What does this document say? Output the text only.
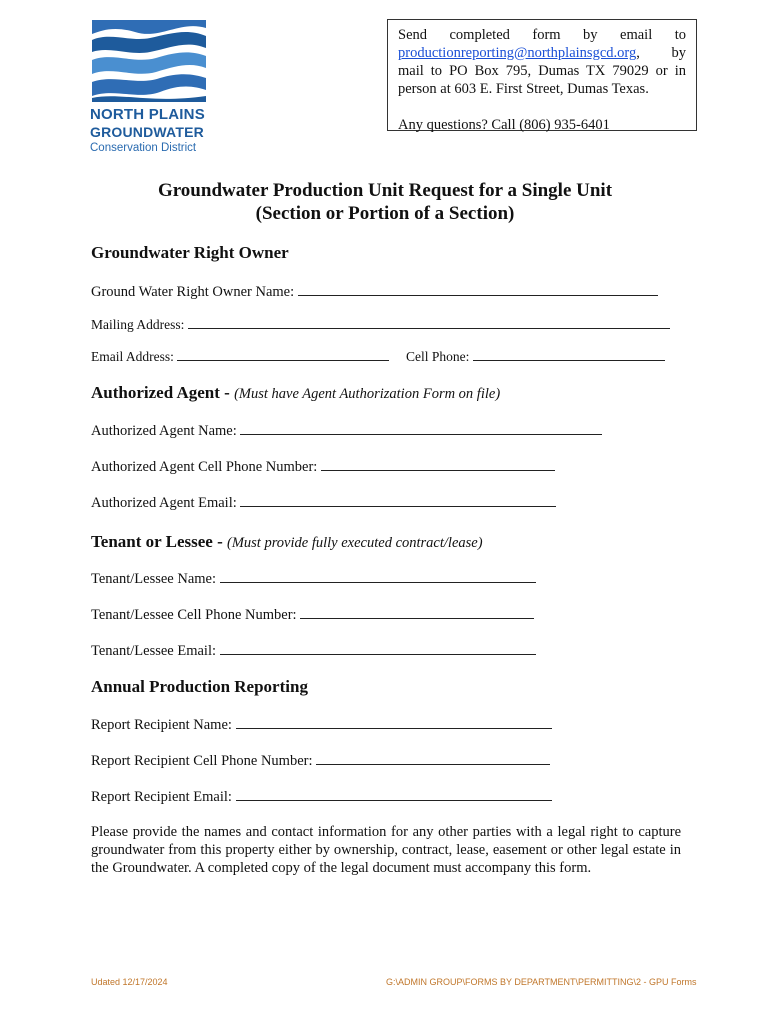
NORTH PLAINS
GROUNDWATER
Conservation District

Send completed form by email to productionreporting@northplainsgcd.org, by mail to PO Box 795, Dumas TX 79029 or in person at 603 E. First Street, Dumas Texas.

Any questions? Call (806) 935-6401

Groundwater Production Unit Request for a Single Unit
(Section or Portion of a Section)
Groundwater Right Owner
Ground Water Right Owner Name:
Mailing Address:
Email Address:	Cell Phone:
Authorized Agent - (Must have Agent Authorization Form on file)
Authorized Agent Name:
Authorized Agent Cell Phone Number:
Authorized Agent Email:
Tenant or Lessee - (Must provide fully executed contract/lease)
Tenant/Lessee Name:
Tenant/Lessee Cell Phone Number:
Tenant/Lessee Email:
Annual Production Reporting
Report Recipient Name:
Report Recipient Cell Phone Number:
Report Recipient Email:
Please provide the names and contact information for any other parties with a legal right to capture groundwater from this property either by ownership, contract, lease, easement or other legal estate in the Groundwater. A completed copy of the legal document must accompany this form.
Udated 12/17/2024	G:\ADMIN GROUP\FORMS BY DEPARTMENT\PERMITTING\2 - GPU Forms
